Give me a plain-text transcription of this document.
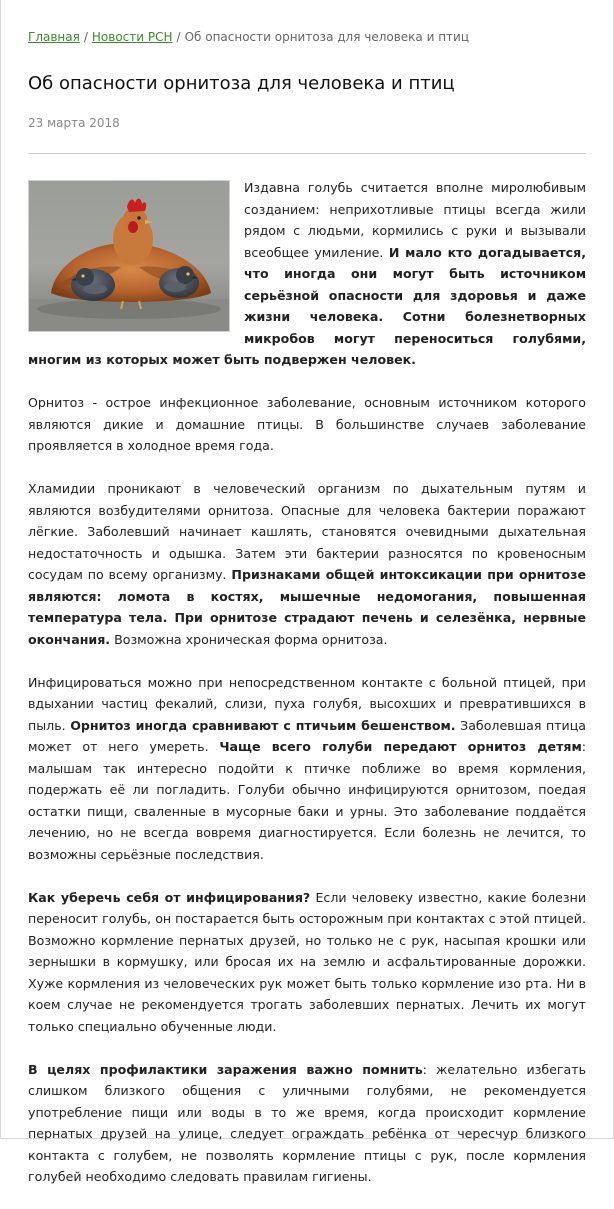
Главная / Новости РСН / Об опасности орнитоза для человека и птиц
Об опасности орнитоза для человека и птиц
23 марта 2018

Издавна голубь считается вполне миролюбивым созданием: неприхотливые птицы всегда жили рядом с людьми, кормились с руки и вызывали всеобщее умиление. И мало кто догадывается, что иногда они могут быть источником серьёзной опасности для здоровья и даже жизни человека. Сотни болезнетворных микробов могут переноситься голубями, многим из которых может быть подвержен человек.

Орнитоз - острое инфекционное заболевание, основным источником которого являются дикие и домашние птицы. В большинстве случаев заболевание проявляется в холодное время года.

Хламидии проникают в человеческий организм по дыхательным путям и являются возбудителями орнитоза. Опасные для человека бактерии поражают лёгкие. Заболевший начинает кашлять, становятся очевидными дыхательная недостаточность и одышка. Затем эти бактерии разносятся по кровеносным сосудам по всему организму. Признаками общей интоксикации при орнитозе являются: ломота в костях, мышечные недомогания, повышенная температура тела. При орнитозе страдают печень и селезёнка, нервные окончания. Возможна хроническая форма орнитоза.

Инфицироваться можно при непосредственном контакте с больной птицей, при вдыхании частиц фекалий, слизи, пуха голубя, высохших и превратившихся в пыль. Орнитоз иногда сравнивают с птичьим бешенством. Заболевшая птица может от него умереть. Чаще всего голуби передают орнитоз детям: малышам так интересно подойти к птичке поближе во время кормления, подержать её ли погладить. Голуби обычно инфицируются орнитозом, поедая остатки пищи, сваленные в мусорные баки и урны. Это заболевание поддаётся лечению, но не всегда вовремя диагностируется. Если болезнь не лечится, то возможны серьёзные последствия.

Как уберечь себя от инфицирования? Если человеку известно, какие болезни переносит голубь, он постарается быть осторожным при контактах с этой птицей. Возможно кормление пернатых друзей, но только не с рук, насыпая крошки или зернышки в кормушку, или бросая их на землю и асфальтированные дорожки. Хуже кормления из человеческих рук может быть только кормление изо рта. Ни в коем случае не рекомендуется трогать заболевших пернатых. Лечить их могут только специально обученные люди.

В целях профилактики заражения важно помнить: желательно избегать слишком близкого общения с уличными голубями, не рекомендуется употребление пищи или воды в то же время, когда происходит кормление пернатых друзей на улице, следует ограждать ребёнка от чересчур близкого контакта с голубем, не позволять кормление птицы с рук, после кормления голубей необходимо следовать правилам гигиены.
